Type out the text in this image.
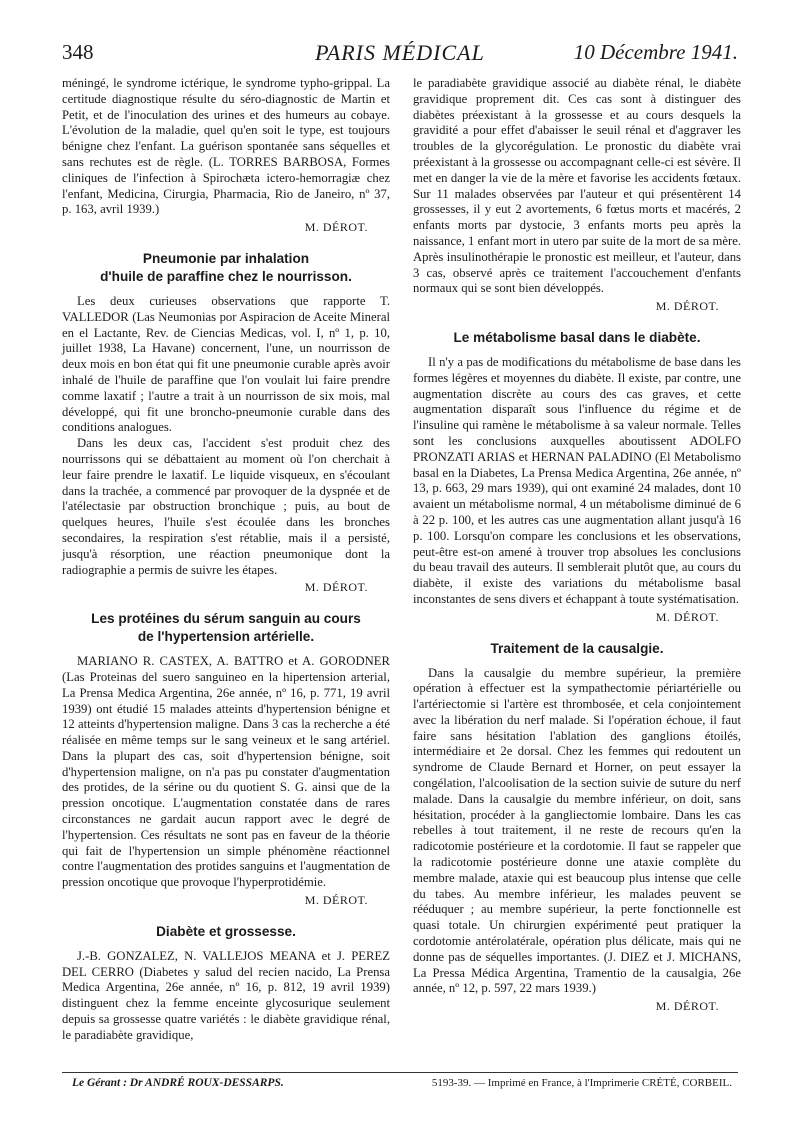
348	PARIS MÉDICAL	10 Décembre 1941.

méningé, le syndrome ictérique, le syndrome typho-grippal. La certitude diagnostique résulte du séro-diagnostic de Martin et Petit, et de l'inoculation des urines et des humeurs au cobaye. L'évolution de la maladie, quel qu'en soit le type, est toujours bénigne chez l'enfant. La guérison spontanée sans séquelles et sans rechutes est de règle. (L. TORRES BARBOSA, Formes cliniques de l'infection à Spirochæta ictero-hemorragiæ chez l'enfant, Medicina, Cirurgia, Pharmacia, Rio de Janeiro, nº 37, p. 163, avril 1939.)

M. DÉROT.
Pneumonie par inhalation
d'huile de paraffine chez le nourrisson.

Les deux curieuses observations que rapporte T. VALLEDOR (Las Neumonias por Aspiracion de Aceite Mineral en el Lactante, Rev. de Ciencias Medicas, vol. I, nº 1, p. 10, juillet 1938, La Havane) concernent, l'une, un nourrisson de deux mois en bon état qui fit une pneumonie curable après avoir inhalé de l'huile de paraffine que l'on voulait lui faire prendre comme laxatif ; l'autre a trait à un nourrisson de six mois, mal développé, qui fit une broncho-pneumonie curable dans des conditions analogues.

Dans les deux cas, l'accident s'est produit chez des nourrissons qui se débattaient au moment où l'on cherchait à leur faire prendre le laxatif. Le liquide visqueux, en s'écoulant dans la trachée, a commencé par provoquer de la dyspnée et de l'atélectasie par obstruction bronchique ; puis, au bout de quelques heures, l'huile s'est écoulée dans les bronches secondaires, la respiration s'est rétablie, mais il a persisté, jusqu'à résorption, une réaction pneumonique dont la radiographie a permis de suivre les étapes.

M. DÉROT.
Les protéines du sérum sanguin au cours
de l'hypertension artérielle.

MARIANO R. CASTEX, A. BATTRO et A. GORODNER (Las Proteinas del suero sanguineo en la hipertension arterial, La Prensa Medica Argentina, 26e année, nº 16, p. 771, 19 avril 1939) ont étudié 15 malades atteints d'hypertension bénigne et 12 atteints d'hypertension maligne. Dans 3 cas la recherche a été réalisée en même temps sur le sang veineux et le sang artériel. Dans la plupart des cas, soit d'hypertension bénigne, soit d'hypertension maligne, on n'a pas pu constater d'augmentation des protides, de la sérine ou du quotient S. G. ainsi que de la pression oncotique. L'augmentation constatée dans de rares circonstances ne gardait aucun rapport avec le degré de l'hypertension. Ces résultats ne sont pas en faveur de la théorie qui fait de l'hypertension un simple phénomène réactionnel contre l'augmentation des protides sanguins et l'augmentation de pression oncotique que provoque l'hyperprotidémie.

M. DÉROT.
Diabète et grossesse.

J.-B. GONZALEZ, N. VALLEJOS MEANA et J. PEREZ DEL CERRO (Diabetes y salud del recien nacido, La Prensa Medica Argentina, 26e année, nº 16, p. 812, 19 avril 1939) distinguent chez la femme enceinte glycosurique seulement depuis sa grossesse quatre variétés : le diabète gravidique rénal, le paradiabète gravidique,

le paradiabète gravidique associé au diabète rénal, le diabète gravidique proprement dit. Ces cas sont à distinguer des diabètes préexistant à la grossesse et au cours desquels la gravidité a pour effet d'abaisser le seuil rénal et d'aggraver les troubles de la glycorégulation. Le pronostic du diabète vrai préexistant à la grossesse ou accompagnant celle-ci est sévère. Il met en danger la vie de la mère et favorise les accidents fœtaux. Sur 11 malades observées par l'auteur et qui présentèrent 14 grossesses, il y eut 2 avortements, 6 fœtus morts et macérés, 2 enfants morts par dystocie, 3 enfants morts peu après la naissance, 1 enfant mort in utero par suite de la mort de sa mère. Après insulinothérapie le pronostic est meilleur, et l'auteur, dans 3 cas, observé après ce traitement l'accouchement d'enfants normaux qui se sont bien développés.

M. DÉROT.
Le métabolisme basal dans le diabète.

Il n'y a pas de modifications du métabolisme de base dans les formes légères et moyennes du diabète. Il existe, par contre, une augmentation discrète au cours des cas graves, et cette augmentation disparaît sous l'influence du régime et de l'insuline qui ramène le métabolisme à sa valeur normale. Telles sont les conclusions auxquelles aboutissent ADOLFO PRONZATI ARIAS et HERNAN PALADINO (El Metabolismo basal en la Diabetes, La Prensa Medica Argentina, 26e année, nº 13, p. 663, 29 mars 1939), qui ont examiné 24 malades, dont 10 avaient un métabolisme normal, 4 un métabolisme diminué de 6 à 22 p. 100, et les autres cas une augmentation allant jusqu'à 16 p. 100. Lorsqu'on compare les conclusions et les observations, peut-être est-on amené à trouver trop absolues les conclusions du beau travail des auteurs. Il semblerait plutôt que, au cours du diabète, il existe des variations du métabolisme basal inconstantes de sens divers et échappant à toute systématisation.

M. DÉROT.
Traitement de la causalgie.

Dans la causalgie du membre supérieur, la première opération à effectuer est la sympathectomie périartérielle ou l'artériectomie si l'artère est thrombosée, et cela conjointement avec la libération du nerf malade. Si l'opération échoue, il faut faire sans hésitation l'ablation des ganglions étoilés, intermédiaire et 2e dorsal. Chez les femmes qui redoutent un syndrome de Claude Bernard et Horner, on peut essayer la congélation, l'alcoolisation de la section suivie de suture du nerf malade. Dans la causalgie du membre inférieur, on doit, sans hésitation, procéder à la gangliectomie lombaire. Dans les cas rebelles à tout traitement, il ne reste de recours qu'en la radicotomie postérieure et la cordotomie. Il faut se rappeler que la radicotomie postérieure donne une ataxie complète du membre malade, ataxie qui est beaucoup plus intense que celle du tabes. Au membre inférieur, les malades peuvent se rééduquer ; au membre supérieur, la perte fonctionnelle est quasi totale. Un chirurgien expérimenté peut pratiquer la cordotomie antérolatérale, opération plus délicate, mais qui ne donne pas de séquelles importantes. (J. DIEZ et J. MICHANS, La Pressa Médica Argentina, Tramentio de la causalgia, 26e année, nº 12, p. 597, 22 mars 1939.)

M. DÉROT.
Le Gérant : Dr ANDRÉ ROUX-DESSARPS.	5193-39. — Imprimé en France, à l'Imprimerie CRÉTÉ, CORBEIL.
